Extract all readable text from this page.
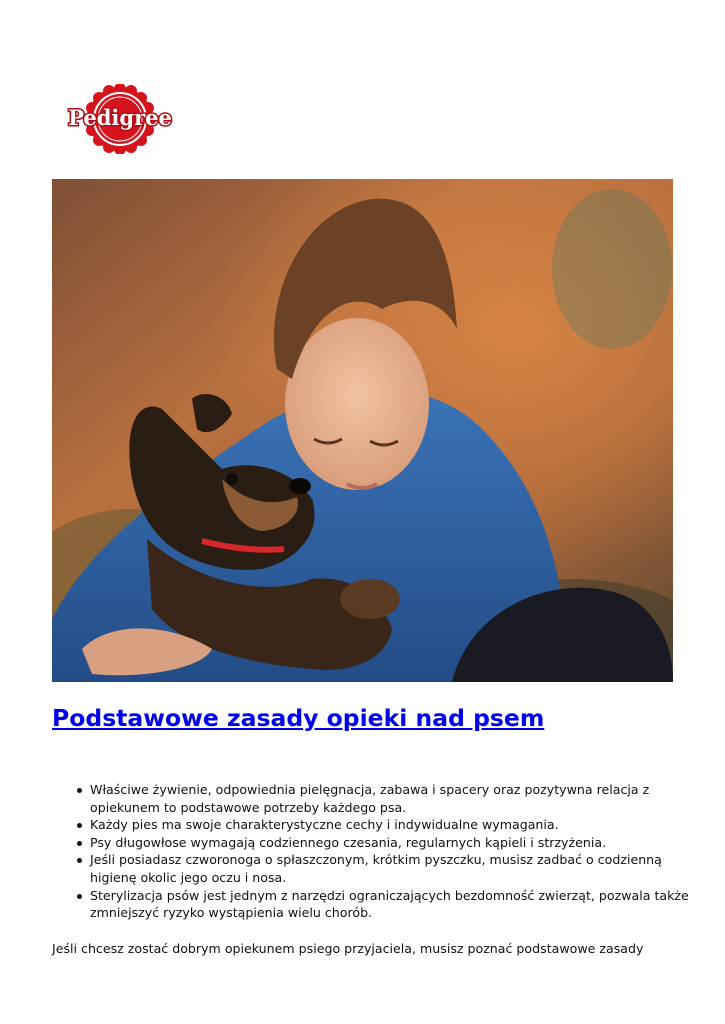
Pedigree
Podstawowe zasady opieki nad psem
Właściwe żywienie, odpowiednia pielęgnacja, zabawa i spacery oraz pozytywna relacja z opiekunem to podstawowe potrzeby każdego psa.
Każdy pies ma swoje charakterystyczne cechy i indywidualne wymagania.
Psy długowłose wymagają codziennego czesania, regularnych kąpieli i strzyżenia.
Jeśli posiadasz czworonoga o spłaszczonym, krótkim pyszczku, musisz zadbać o codzienną higienę okolic jego oczu i nosa.
Sterylizacja psów jest jednym z narzędzi ograniczających bezdomność zwierząt, pozwala także zmniejszyć ryzyko wystąpienia wielu chorób.

Jeśli chcesz zostać dobrym opiekunem psiego przyjaciela, musisz poznać podstawowe zasady
